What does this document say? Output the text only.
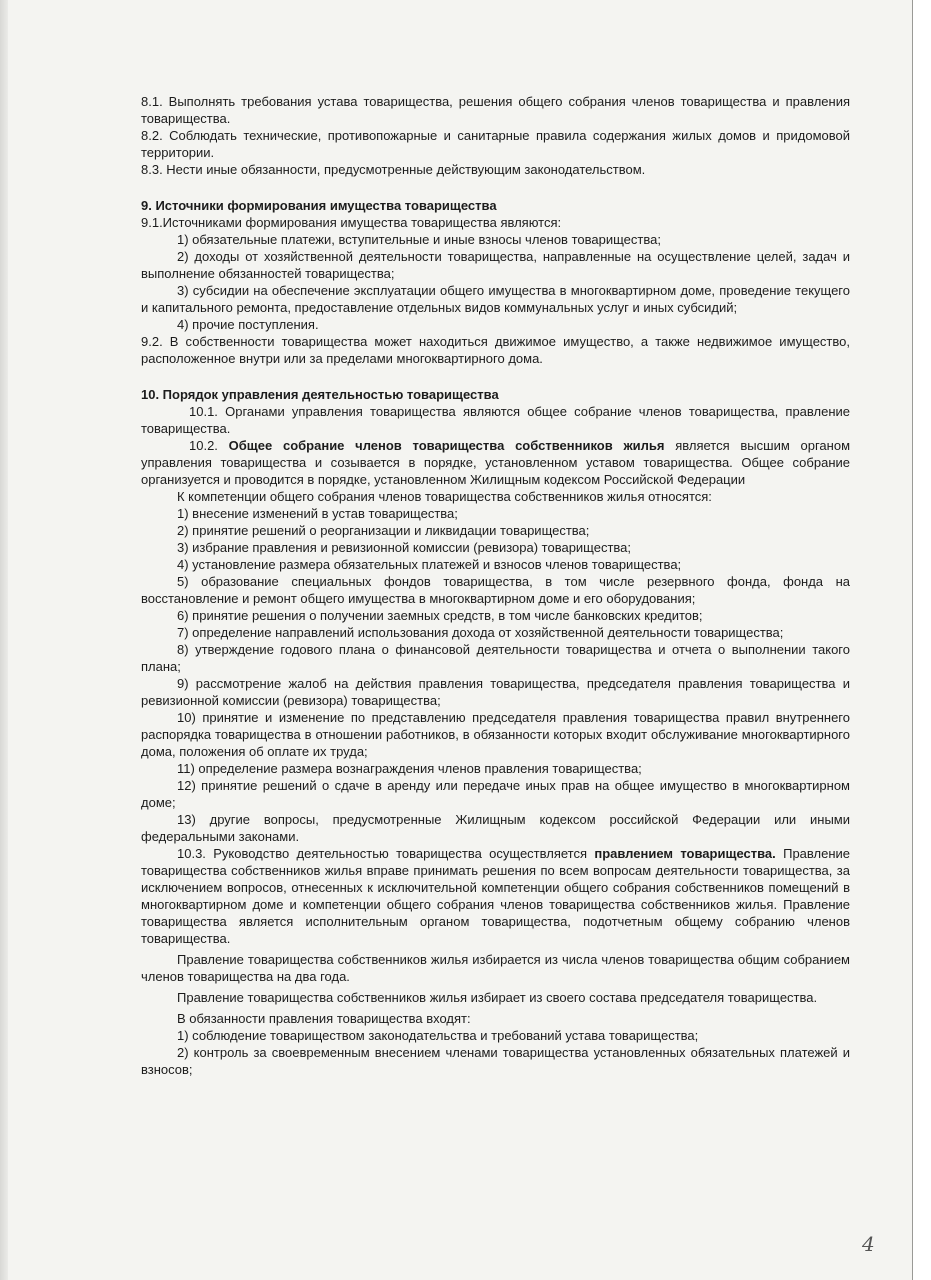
8.1. Выполнять требования устава товарищества, решения общего собрания членов товарищества и правления товарищества.

8.2. Соблюдать технические, противопожарные и санитарные правила содержания жилых домов и придомовой территории.

8.3. Нести иные обязанности, предусмотренные действующим законодательством.

9. Источники формирования имущества товарищества

9.1.Источниками формирования имущества товарищества являются:

1) обязательные платежи, вступительные и иные взносы членов товарищества;

2) доходы от хозяйственной деятельности товарищества, направленные на осуществление целей, задач и выполнение обязанностей товарищества;

3) субсидии на обеспечение эксплуатации общего имущества в многоквартирном доме, проведение текущего и капитального ремонта, предоставление отдельных видов коммунальных услуг и иных субсидий;

4) прочие поступления.

9.2. В собственности товарищества может находиться движимое имущество, а также недвижимое имущество, расположенное внутри или за пределами многоквартирного дома.

10. Порядок управления деятельностью товарищества

10.1. Органами управления товарищества являются общее собрание членов товарищества, правление товарищества.

10.2. Общее собрание членов товарищества собственников жилья является высшим органом управления товарищества и созывается в порядке, установленном уставом товарищества. Общее собрание организуется и проводится в порядке, установленном Жилищным кодексом Российской Федерации

К компетенции общего собрания членов товарищества собственников жилья относятся:

1) внесение изменений в устав товарищества;

2) принятие решений о реорганизации и ликвидации товарищества;

3) избрание правления и ревизионной комиссии (ревизора) товарищества;

4) установление размера обязательных платежей и взносов членов товарищества;

5) образование специальных фондов товарищества, в том числе резервного фонда, фонда на восстановление и ремонт общего имущества в многоквартирном доме и его оборудования;

6) принятие решения о получении заемных средств, в том числе банковских кредитов;

7) определение направлений использования дохода от хозяйственной деятельности товарищества;

8) утверждение годового плана о финансовой деятельности товарищества и отчета о выполнении такого плана;

9) рассмотрение жалоб на действия правления товарищества, председателя правления товарищества и ревизионной комиссии (ревизора) товарищества;

10) принятие и изменение по представлению председателя правления товарищества правил внутреннего распорядка товарищества в отношении работников, в обязанности которых входит обслуживание многоквартирного дома, положения об оплате их труда;

11) определение размера вознаграждения членов правления товарищества;

12) принятие решений о сдаче в аренду или передаче иных прав на общее имущество в многоквартирном доме;

13) другие вопросы, предусмотренные Жилищным кодексом российской Федерации или иными федеральными законами.

10.3. Руководство деятельностью товарищества осуществляется правлением товарищества. Правление товарищества собственников жилья вправе принимать решения по всем вопросам деятельности товарищества, за исключением вопросов, отнесенных к исключительной компетенции общего собрания собственников помещений в многоквартирном доме и компетенции общего собрания членов товарищества собственников жилья. Правление товарищества является исполнительным органом товарищества, подотчетным общему собранию членов товарищества.

Правление товарищества собственников жилья избирается из числа членов товарищества общим собранием членов товарищества на два года.

Правление товарищества собственников жилья избирает из своего состава председателя товарищества.

В обязанности правления товарищества входят:

1) соблюдение товариществом законодательства и требований устава товарищества;

2) контроль за своевременным внесением членами товарищества установленных обязательных платежей и взносов;

4
